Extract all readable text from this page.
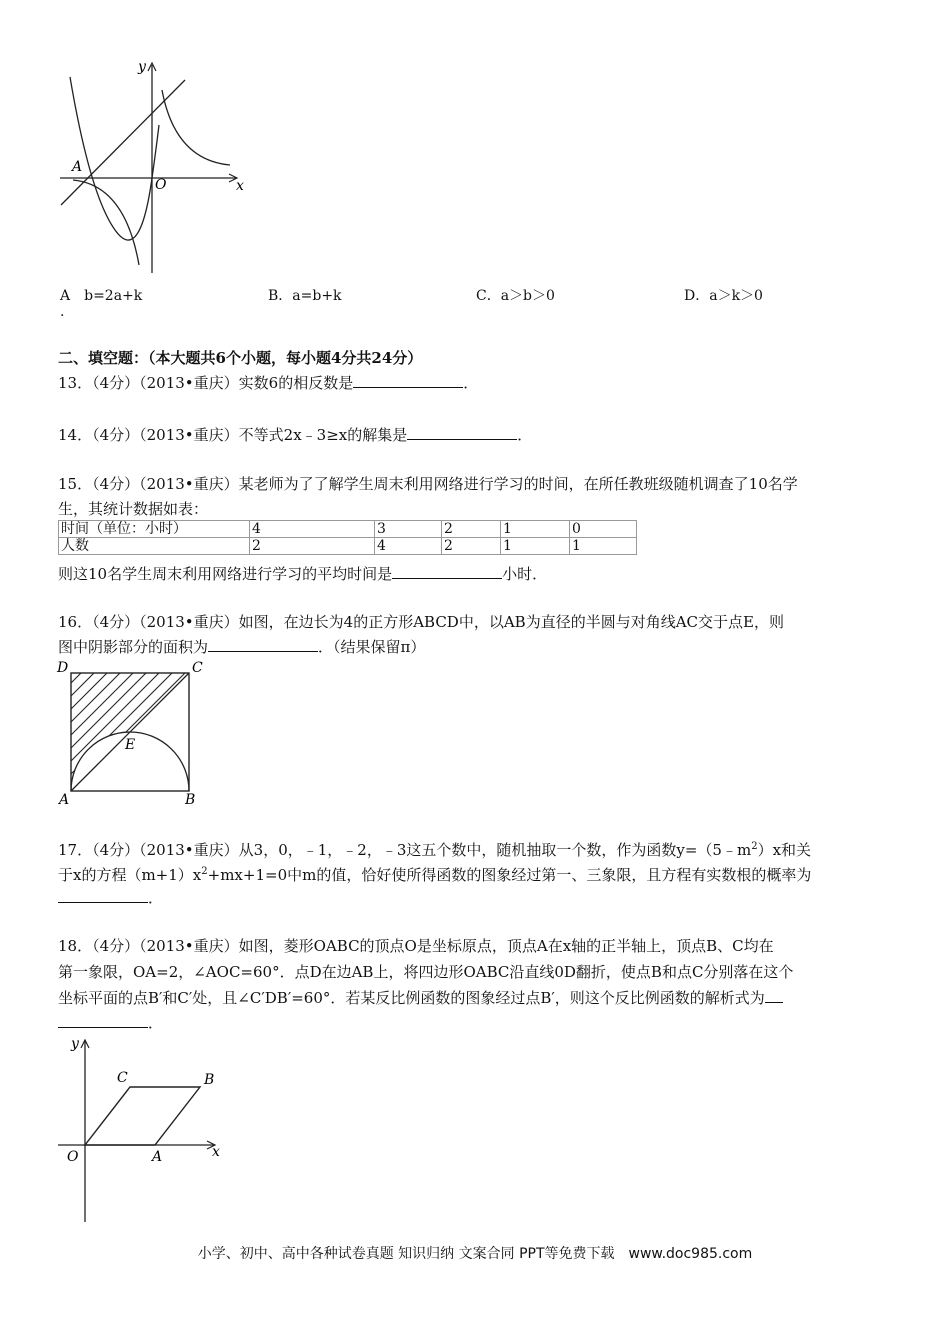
y
x
A
O
A　b=2a+k
.
B．a=b+k	C．a＞b＞0	D．a＞k＞0
二、填空题：（本大题共6个小题，每小题4分共24分）
13．（4分）（2013•重庆）实数6的相反数是	．
14．（4分）（2013•重庆）不等式2x﹣3≥x的解集是	．
15．（4分）（2013•重庆）某老师为了了解学生周末利用网络进行学习的时间，在所任教班级随机调查了10名学
生，其统计数据如表：
时间（单位：小时）	4	3	2	1	0
人数	2	4	2	1	1
则这10名学生周末利用网络进行学习的平均时间是	小时．
16．（4分）（2013•重庆）如图，在边长为4的正方形ABCD中，以AB为直径的半圆与对角线AC交于点E，则
图中阴影部分的面积为	．（结果保留π）
D	C
A	B
E
17．（4分）（2013•重庆）从3，0，﹣1，﹣2，﹣3这五个数中，随机抽取一个数，作为函数$y=(5﹣m^2)x$和关
于x的方程$(m+1)x^2+mx+1=0$中m的值，恰好使所得函数的图象经过第一、三象限，且方程有实数根的概率为
．
18．（4分）（2013•重庆）如图，菱形OABC的顶点O是坐标原点，顶点A在x轴的正半轴上，顶点B、C均在
第一象限，OA=2，∠AOC=60°．点D在边AB上，将四边形OABC沿直线0D翻折，使点B和点C分别落在这个
坐标平面的点B′和C′处，且∠C′DB′=60°．若某反比例函数的图象经过点B′，则这个反比例函数的解析式为
．
y
x
O	A
B
C
小学、初中、高中各种试卷真题 知识归纳 文案合同 PPT等免费下载　www.doc985.com
